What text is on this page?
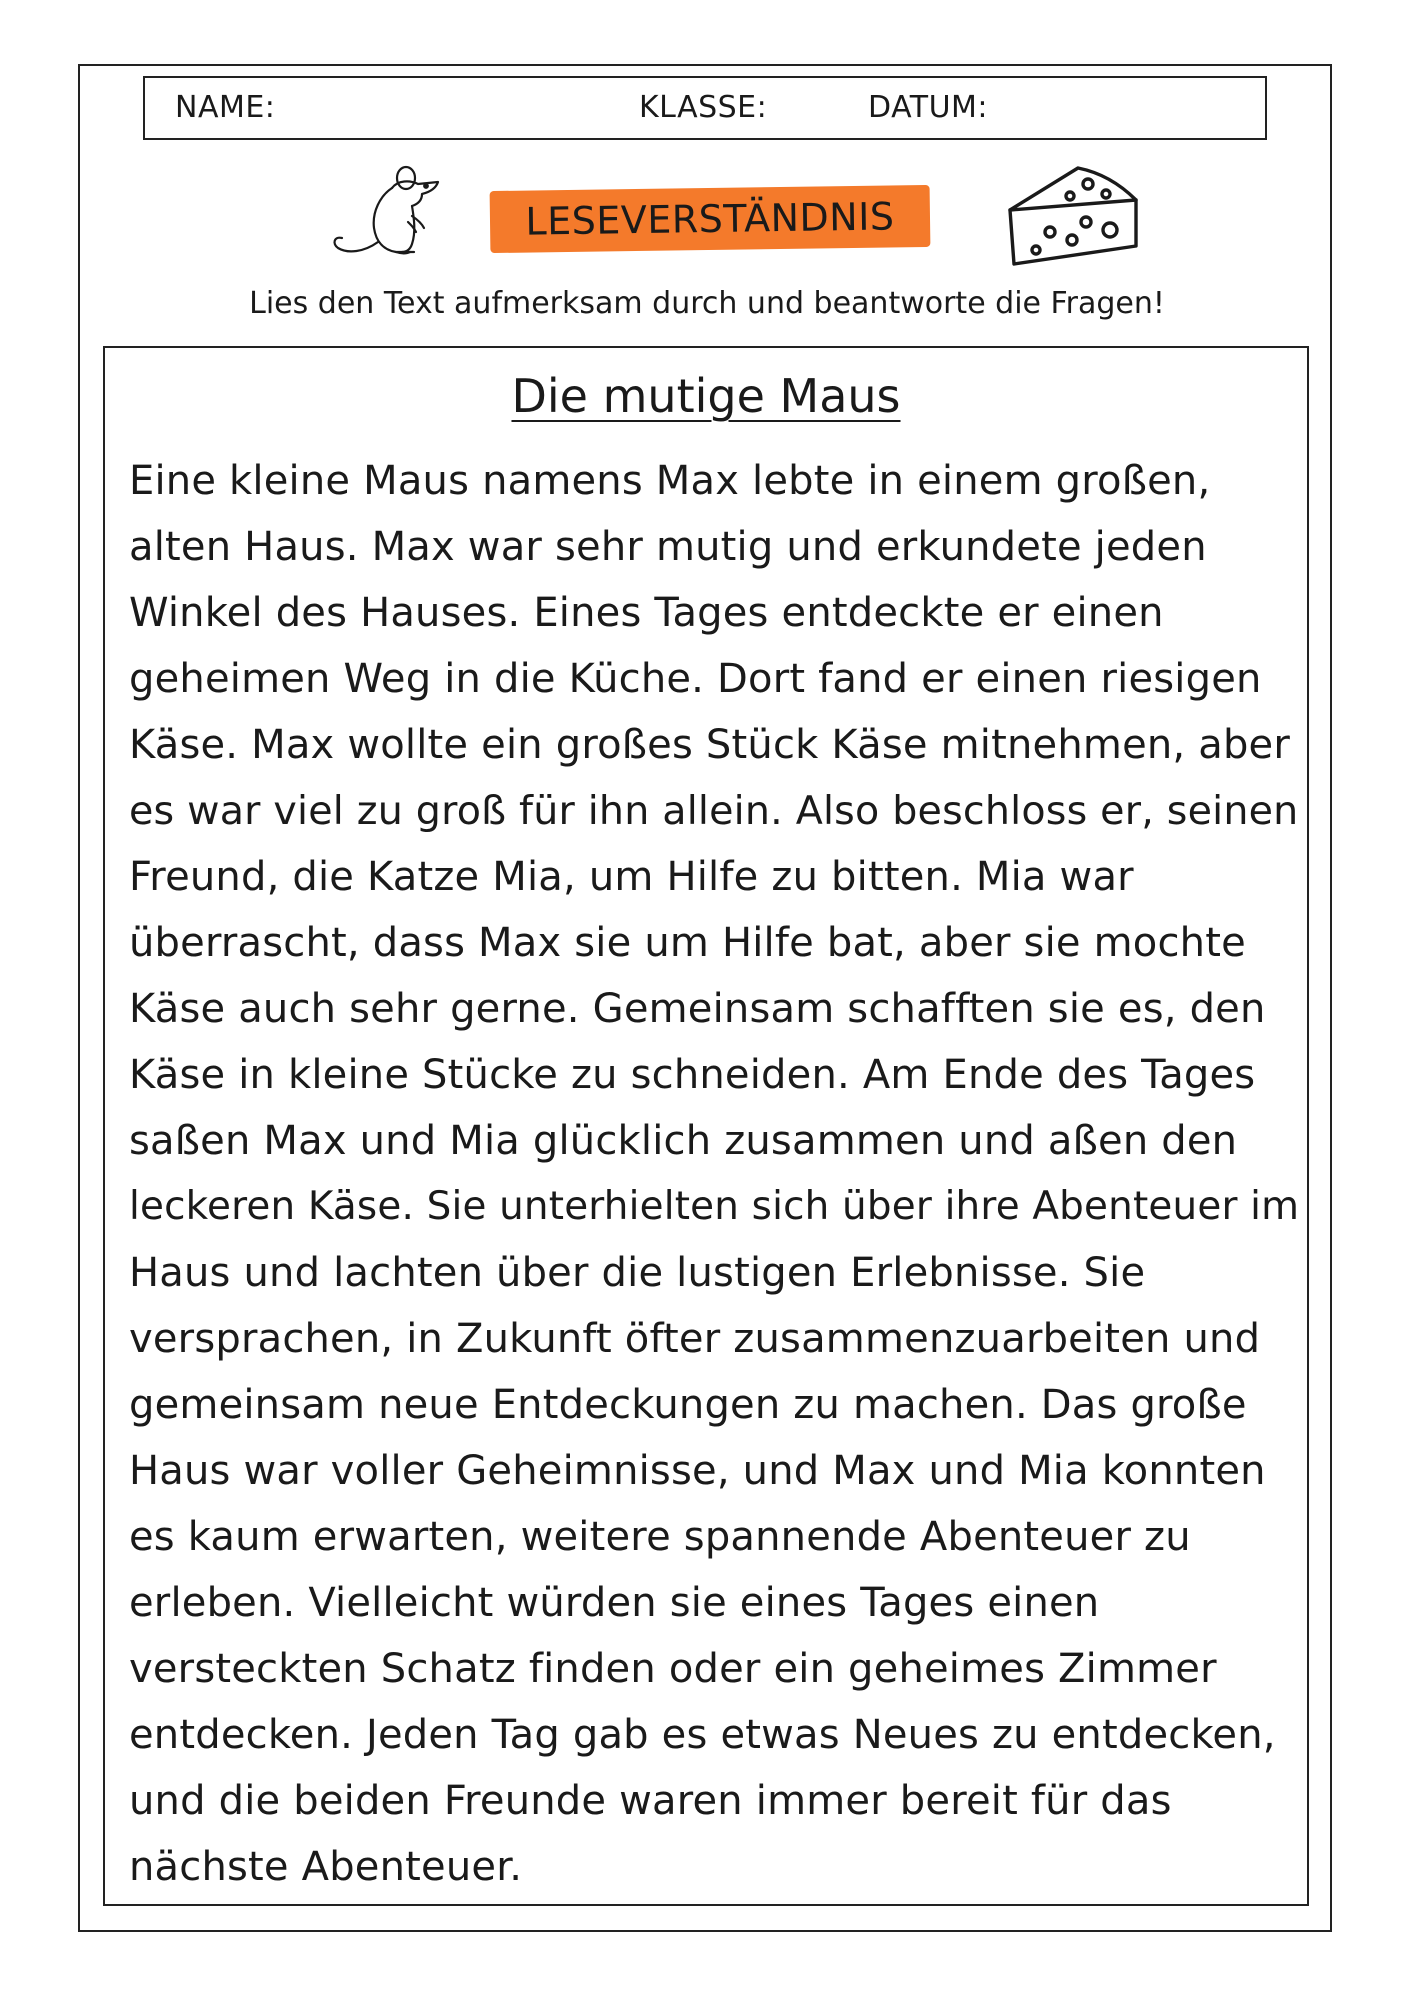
NAME:	KLASSE:	DATUM:
LESEVERSTÄNDNIS
Lies den Text aufmerksam durch und beantworte die Fragen!
Die mutige Maus
Eine kleine Maus namens Max lebte in einem großen,
alten Haus. Max war sehr mutig und erkundete jeden
Winkel des Hauses. Eines Tages entdeckte er einen
geheimen Weg in die Küche. Dort fand er einen riesigen
Käse. Max wollte ein großes Stück Käse mitnehmen, aber
es war viel zu groß für ihn allein. Also beschloss er, seinen
Freund, die Katze Mia, um Hilfe zu bitten. Mia war
überrascht, dass Max sie um Hilfe bat, aber sie mochte
Käse auch sehr gerne. Gemeinsam schafften sie es, den
Käse in kleine Stücke zu schneiden. Am Ende des Tages
saßen Max und Mia glücklich zusammen und aßen den
leckeren Käse. Sie unterhielten sich über ihre Abenteuer im
Haus und lachten über die lustigen Erlebnisse. Sie
versprachen, in Zukunft öfter zusammenzuarbeiten und
gemeinsam neue Entdeckungen zu machen. Das große
Haus war voller Geheimnisse, und Max und Mia konnten
es kaum erwarten, weitere spannende Abenteuer zu
erleben. Vielleicht würden sie eines Tages einen
versteckten Schatz finden oder ein geheimes Zimmer
entdecken. Jeden Tag gab es etwas Neues zu entdecken,
und die beiden Freunde waren immer bereit für das
nächste Abenteuer.
